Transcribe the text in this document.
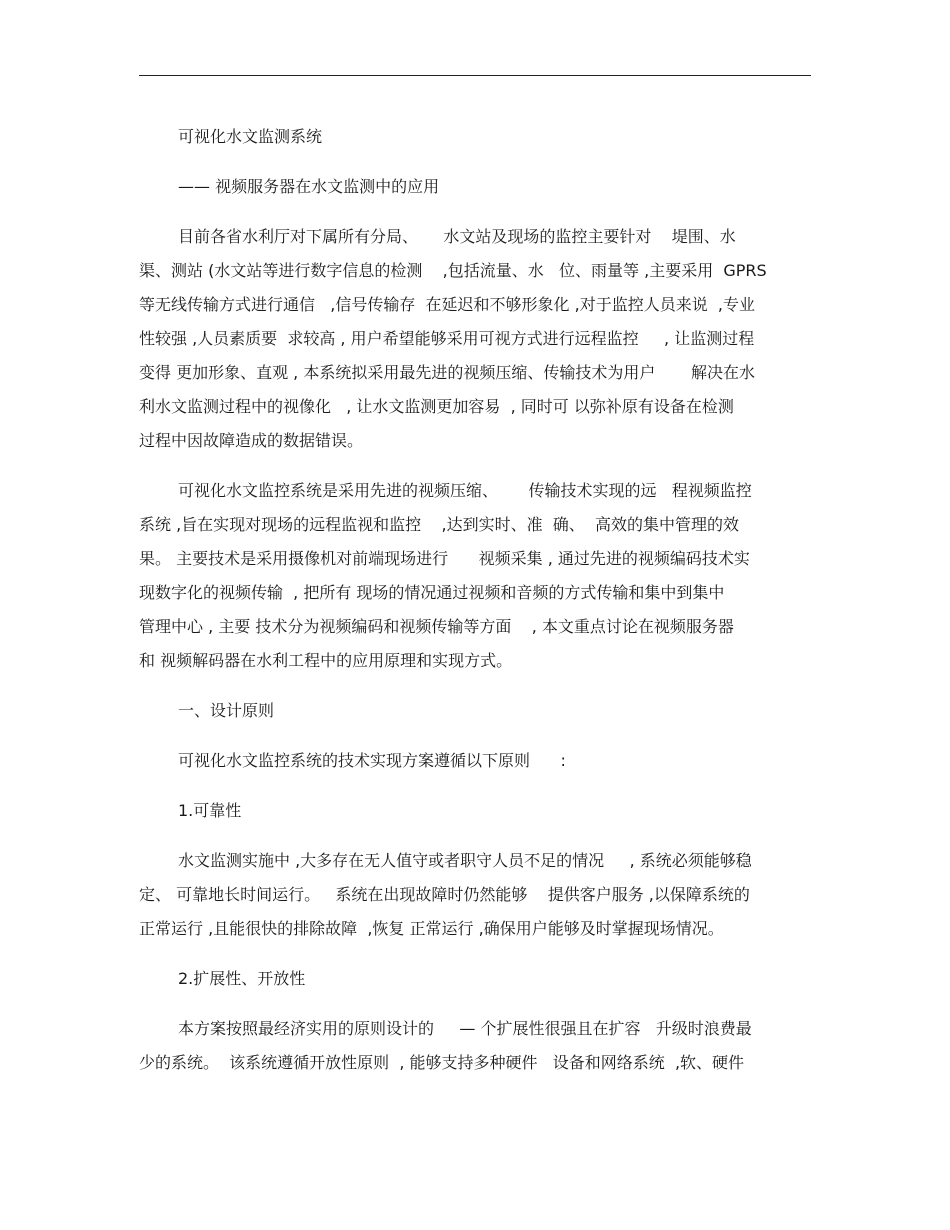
可视化水文监测系统
—— 视频服务器在水文监测中的应用
目前各省水利厅对下属所有分局、     水文站及现场的监控主要针对    堤围、水
渠、测站 (水文站等进行数字信息的检测    ,包括流量、水   位、雨量等 ,主要采用  GPRS
等无线传输方式进行通信   ,信号传输存  在延迟和不够形象化 ,对于监控人员来说  ,专业
性较强 ,人员素质要  求较高 , 用户希望能够采用可视方式进行远程监控     , 让监测过程
变得 更加形象、直观 , 本系统拟采用最先进的视频压缩、传输技术为用户       解决在水
利水文监测过程中的视像化   , 让水文监测更加容易  , 同时可 以弥补原有设备在检测
过程中因故障造成的数据错误。
可视化水文监控系统是采用先进的视频压缩、      传输技术实现的远   程视频监控
系统 ,旨在实现对现场的远程监视和监控    ,达到实时、准  确、  高效的集中管理的效
果。 主要技术是采用摄像机对前端现场进行      视频采集 , 通过先进的视频编码技术实
现数字化的视频传输  , 把所有 现场的情况通过视频和音频的方式传输和集中到集中
管理中心 , 主要 技术分为视频编码和视频传输等方面    , 本文重点讨论在视频服务器
和 视频解码器在水利工程中的应用原理和实现方式。
一、设计原则
可视化水文监控系统的技术实现方案遵循以下原则      :
1.可靠性
水文监测实施中 ,大多存在无人值守或者职守人员不足的情况     , 系统必须能够稳
定、 可靠地长时间运行。   系统在出现故障时仍然能够    提供客户服务 ,以保障系统的
正常运行 ,且能很快的排除故障  ,恢复 正常运行 ,确保用户能够及时掌握现场情况。
2.扩展性、开放性
本方案按照最经济实用的原则设计的     — 个扩展性很强且在扩容   升级时浪费最
少的系统。  该系统遵循开放性原则  , 能够支持多种硬件   设备和网络系统  ,软、硬件
